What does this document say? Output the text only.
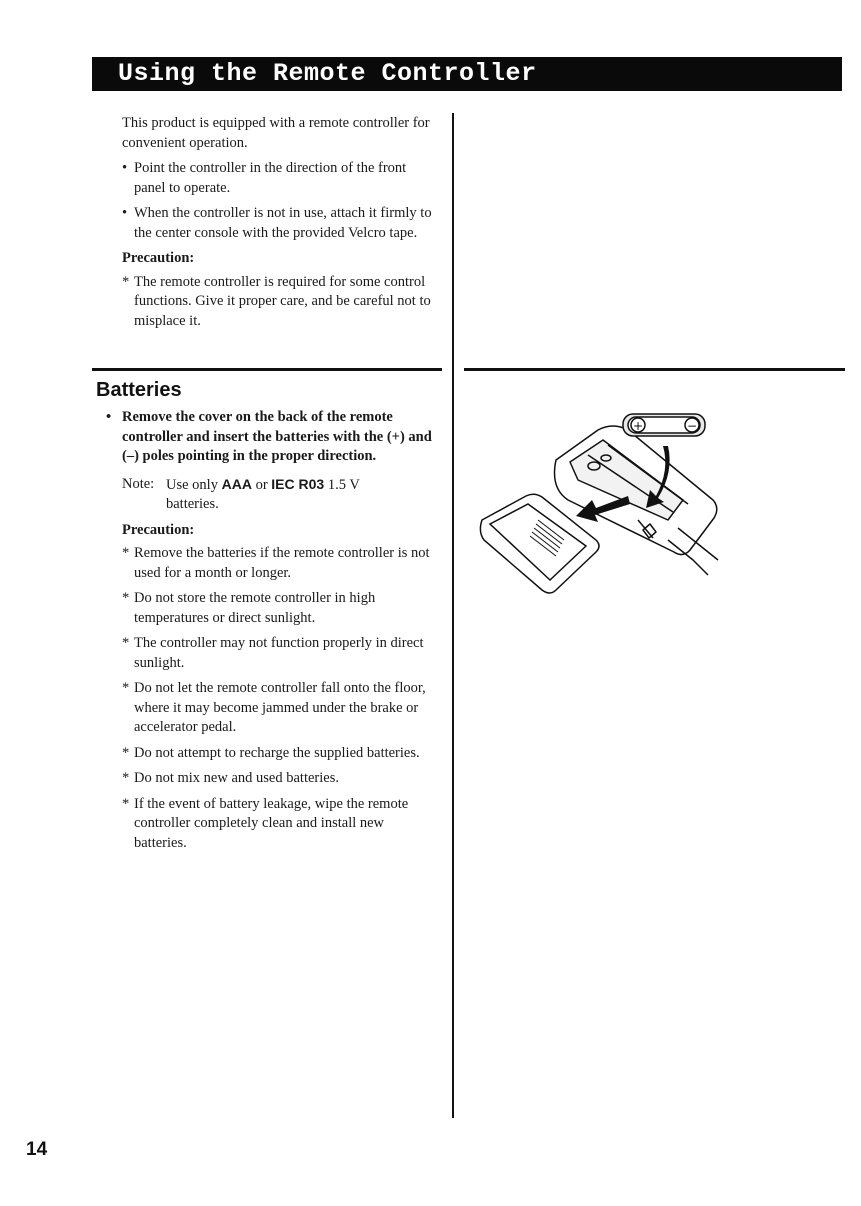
Using the Remote Controller
This product is equipped with a remote controller for convenient operation.
• Point the controller in the direction of the front panel to operate.
• When the controller is not in use, attach it firmly to the center console with the provided Velcro tape.
Precaution:
* The remote controller is required for some control functions. Give it proper care, and be careful not to misplace it.
Batteries
• Remove the cover on the back of the remote controller and insert the batteries with the (+) and (–) poles pointing in the proper direction.
Note: Use only AAA or IEC R03 1.5 V
batteries.
Precaution:
* Remove the batteries if the remote controller is not used for a month or longer.
* Do not store the remote controller in high temperatures or direct sunlight.
* The controller may not function properly in direct sunlight.
* Do not let the remote controller fall onto the floor, where it may become jammed under the brake or accelerator pedal.
* Do not attempt to recharge the supplied batteries.
* Do not mix new and used batteries.
* If the event of battery leakage, wipe the remote controller completely clean and install new batteries.
+	−
14
